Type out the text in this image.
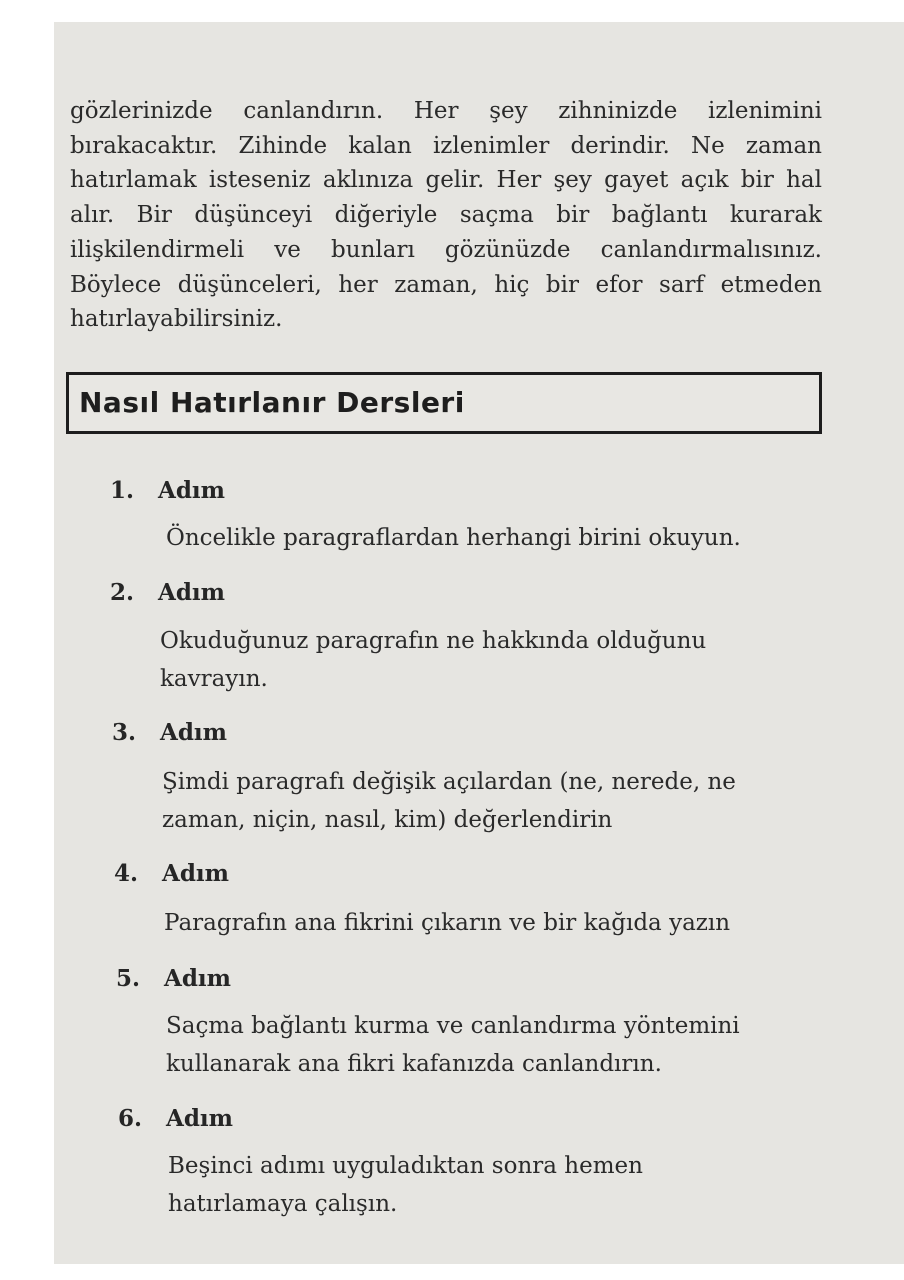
gözlerinizde canlandırın. Her şey zihninizde izlenimini bırakacaktır. Zihinde kalan izlenimler derindir. Ne zaman hatırlamak isteseniz aklınıza gelir. Her şey gayet açık bir hal alır. Bir düşünceyi diğeriyle saçma bir bağlantı kurarak ilişkilendirmeli ve bunları gözünüzde canlandırmalısınız. Böylece düşünceleri, her zaman, hiç bir efor sarf etmeden hatırlayabilirsiniz.

Nasıl Hatırlanır Dersleri
1. Adım
Öncelikle paragraflardan herhangi birini okuyun.
2. Adım
Okuduğunuz paragrafın ne hakkında olduğunu kavrayın.
3. Adım
Şimdi paragrafı değişik açılardan (ne, nerede, ne zaman, niçin, nasıl, kim) değerlendirin
4. Adım
Paragrafın ana fikrini çıkarın ve bir kağıda yazın
5. Adım
Saçma bağlantı kurma ve canlandırma yöntemini kullanarak ana fikri kafanızda canlandırın.
6. Adım
Beşinci adımı uyguladıktan sonra hemen hatırlamaya çalışın.
